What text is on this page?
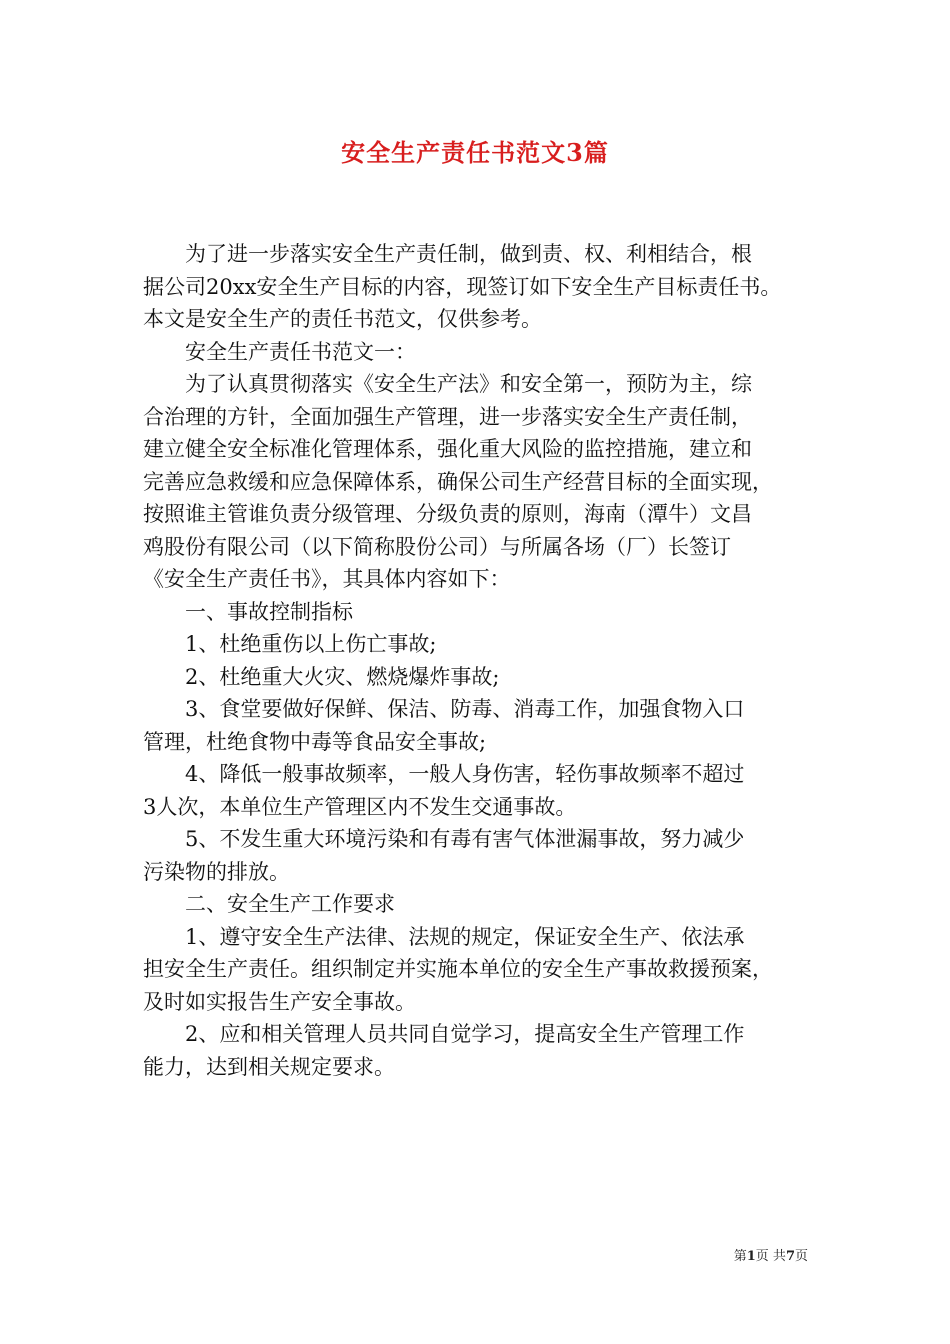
安全生产责任书范文3篇
为了进一步落实安全生产责任制，做到责、权、利相结合，根
据公司20xx安全生产目标的内容，现签订如下安全生产目标责任书。
本文是安全生产的责任书范文，仅供参考。
安全生产责任书范文一：
为了认真贯彻落实《安全生产法》和安全第一，预防为主，综
合治理的方针，全面加强生产管理，进一步落实安全生产责任制，
建立健全安全标准化管理体系，强化重大风险的监控措施，建立和
完善应急救缓和应急保障体系，确保公司生产经营目标的全面实现，
按照谁主管谁负责分级管理、分级负责的原则，海南（潭牛）文昌
鸡股份有限公司（以下简称股份公司）与所属各场（厂）长签订
《安全生产责任书》，其具体内容如下：
一、事故控制指标
1、杜绝重伤以上伤亡事故;
2、杜绝重大火灾、燃烧爆炸事故;
3、食堂要做好保鲜、保洁、防毒、消毒工作，加强食物入口
管理，杜绝食物中毒等食品安全事故;
4、降低一般事故频率，一般人身伤害，轻伤事故频率不超过
3人次，本单位生产管理区内不发生交通事故。
5、不发生重大环境污染和有毒有害气体泄漏事故，努力减少
污染物的排放。
二、安全生产工作要求
1、遵守安全生产法律、法规的规定，保证安全生产、依法承
担安全生产责任。组织制定并实施本单位的安全生产事故救援预案，
及时如实报告生产安全事故。
2、应和相关管理人员共同自觉学习，提高安全生产管理工作
能力，达到相关规定要求。
第1页 共7页
